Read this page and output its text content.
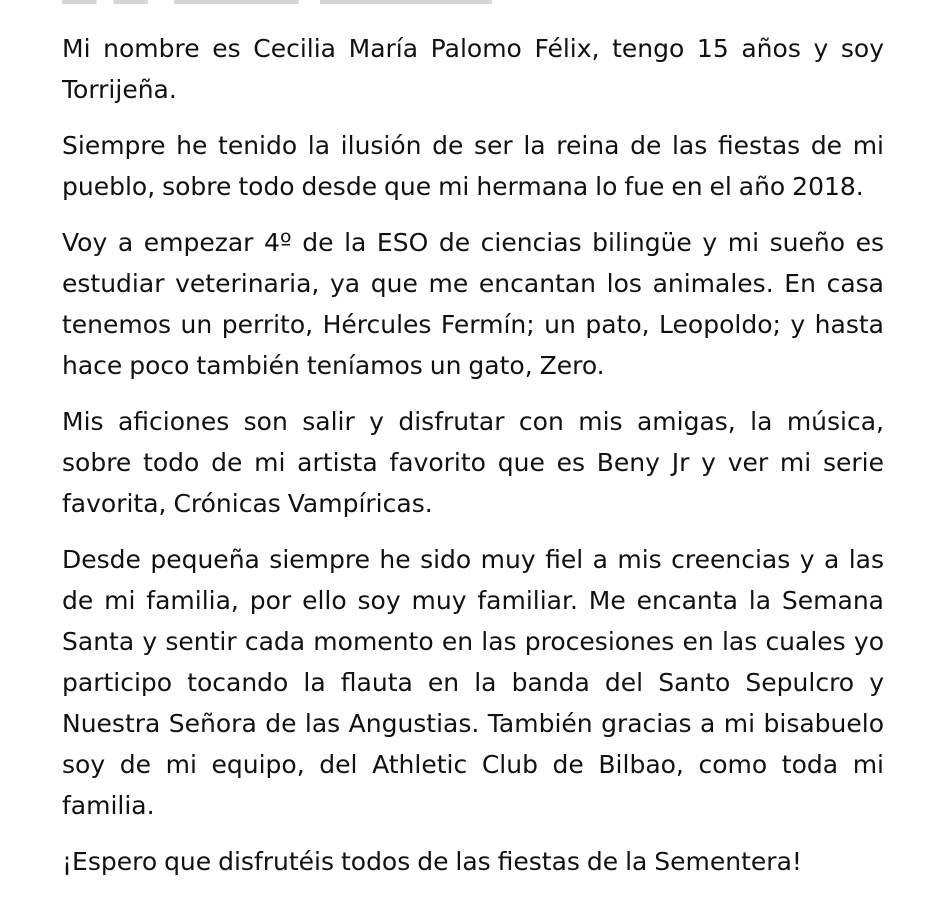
Mi nombre es Cecilia María Palomo Félix, tengo 15 años y soy Torrijeña.

Siempre he tenido la ilusión de ser la reina de las fiestas de mi pueblo, sobre todo desde que mi hermana lo fue en el año 2018.

Voy a empezar 4º de la ESO de ciencias bilingüe y mi sueño es estudiar veterinaria, ya que me encantan los animales. En casa tenemos un perrito, Hércules Fermín; un pato, Leopoldo; y hasta hace poco también teníamos un gato, Zero.

Mis aficiones son salir y disfrutar con mis amigas, la música, sobre todo de mi artista favorito que es Beny Jr y ver mi serie favorita, Crónicas Vampíricas.

Desde pequeña siempre he sido muy fiel a mis creencias y a las de mi familia, por ello soy muy familiar. Me encanta la Semana Santa y sentir cada momento en las procesiones en las cuales yo participo tocando la flauta en la banda del Santo Sepulcro y Nuestra Señora de las Angustias. También gracias a mi bisabuelo soy de mi equipo, del Athletic Club de Bilbao, como toda mi familia.

¡Espero que disfrutéis todos de las fiestas de la Sementera!
